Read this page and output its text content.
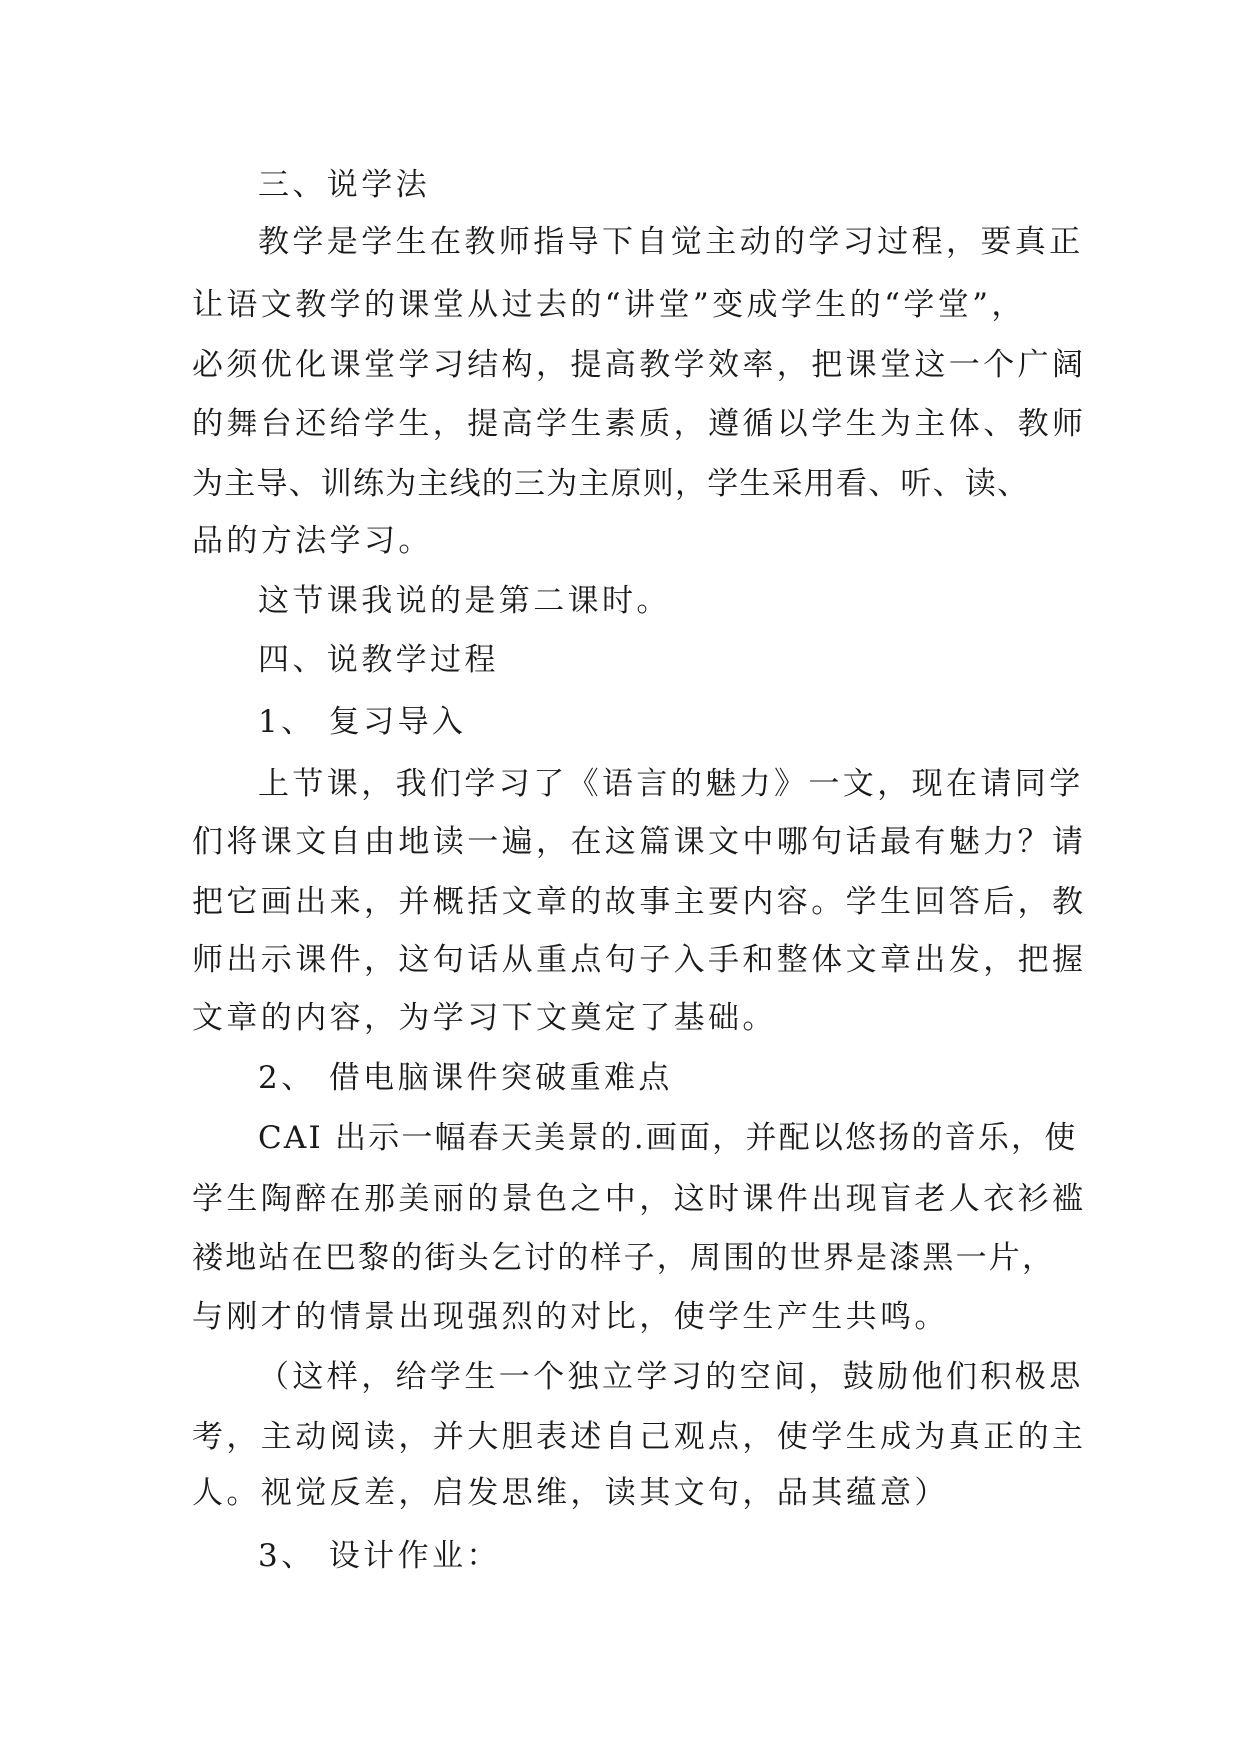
三、说学法

教学是学生在教师指导下自觉主动的学习过程，要真正

让语文教学的课堂从过去的“讲堂”变成学生的“学堂”，

必须优化课堂学习结构，提高教学效率，把课堂这一个广阔

的舞台还给学生，提高学生素质，遵循以学生为主体、教师

为主导、训练为主线的三为主原则，学生采用看、听、读、

品的方法学习。

这节课我说的是第二课时。

四、说教学过程

1、 复习导入

上节课，我们学习了《语言的魅力》一文，现在请同学

们将课文自由地读一遍，在这篇课文中哪句话最有魅力？请

把它画出来，并概括文章的故事主要内容。学生回答后，教

师出示课件，这句话从重点句子入手和整体文章出发，把握

文章的内容，为学习下文奠定了基础。

2、 借电脑课件突破重难点

CAI 出示一幅春天美景的.画面，并配以悠扬的音乐，使

学生陶醉在那美丽的景色之中，这时课件出现盲老人衣衫褴

褛地站在巴黎的街头乞讨的样子，周围的世界是漆黑一片，

与刚才的情景出现强烈的对比，使学生产生共鸣。

（这样，给学生一个独立学习的空间，鼓励他们积极思

考，主动阅读，并大胆表述自己观点，使学生成为真正的主

人。视觉反差，启发思维，读其文句，品其蕴意）

3、 设计作业：
